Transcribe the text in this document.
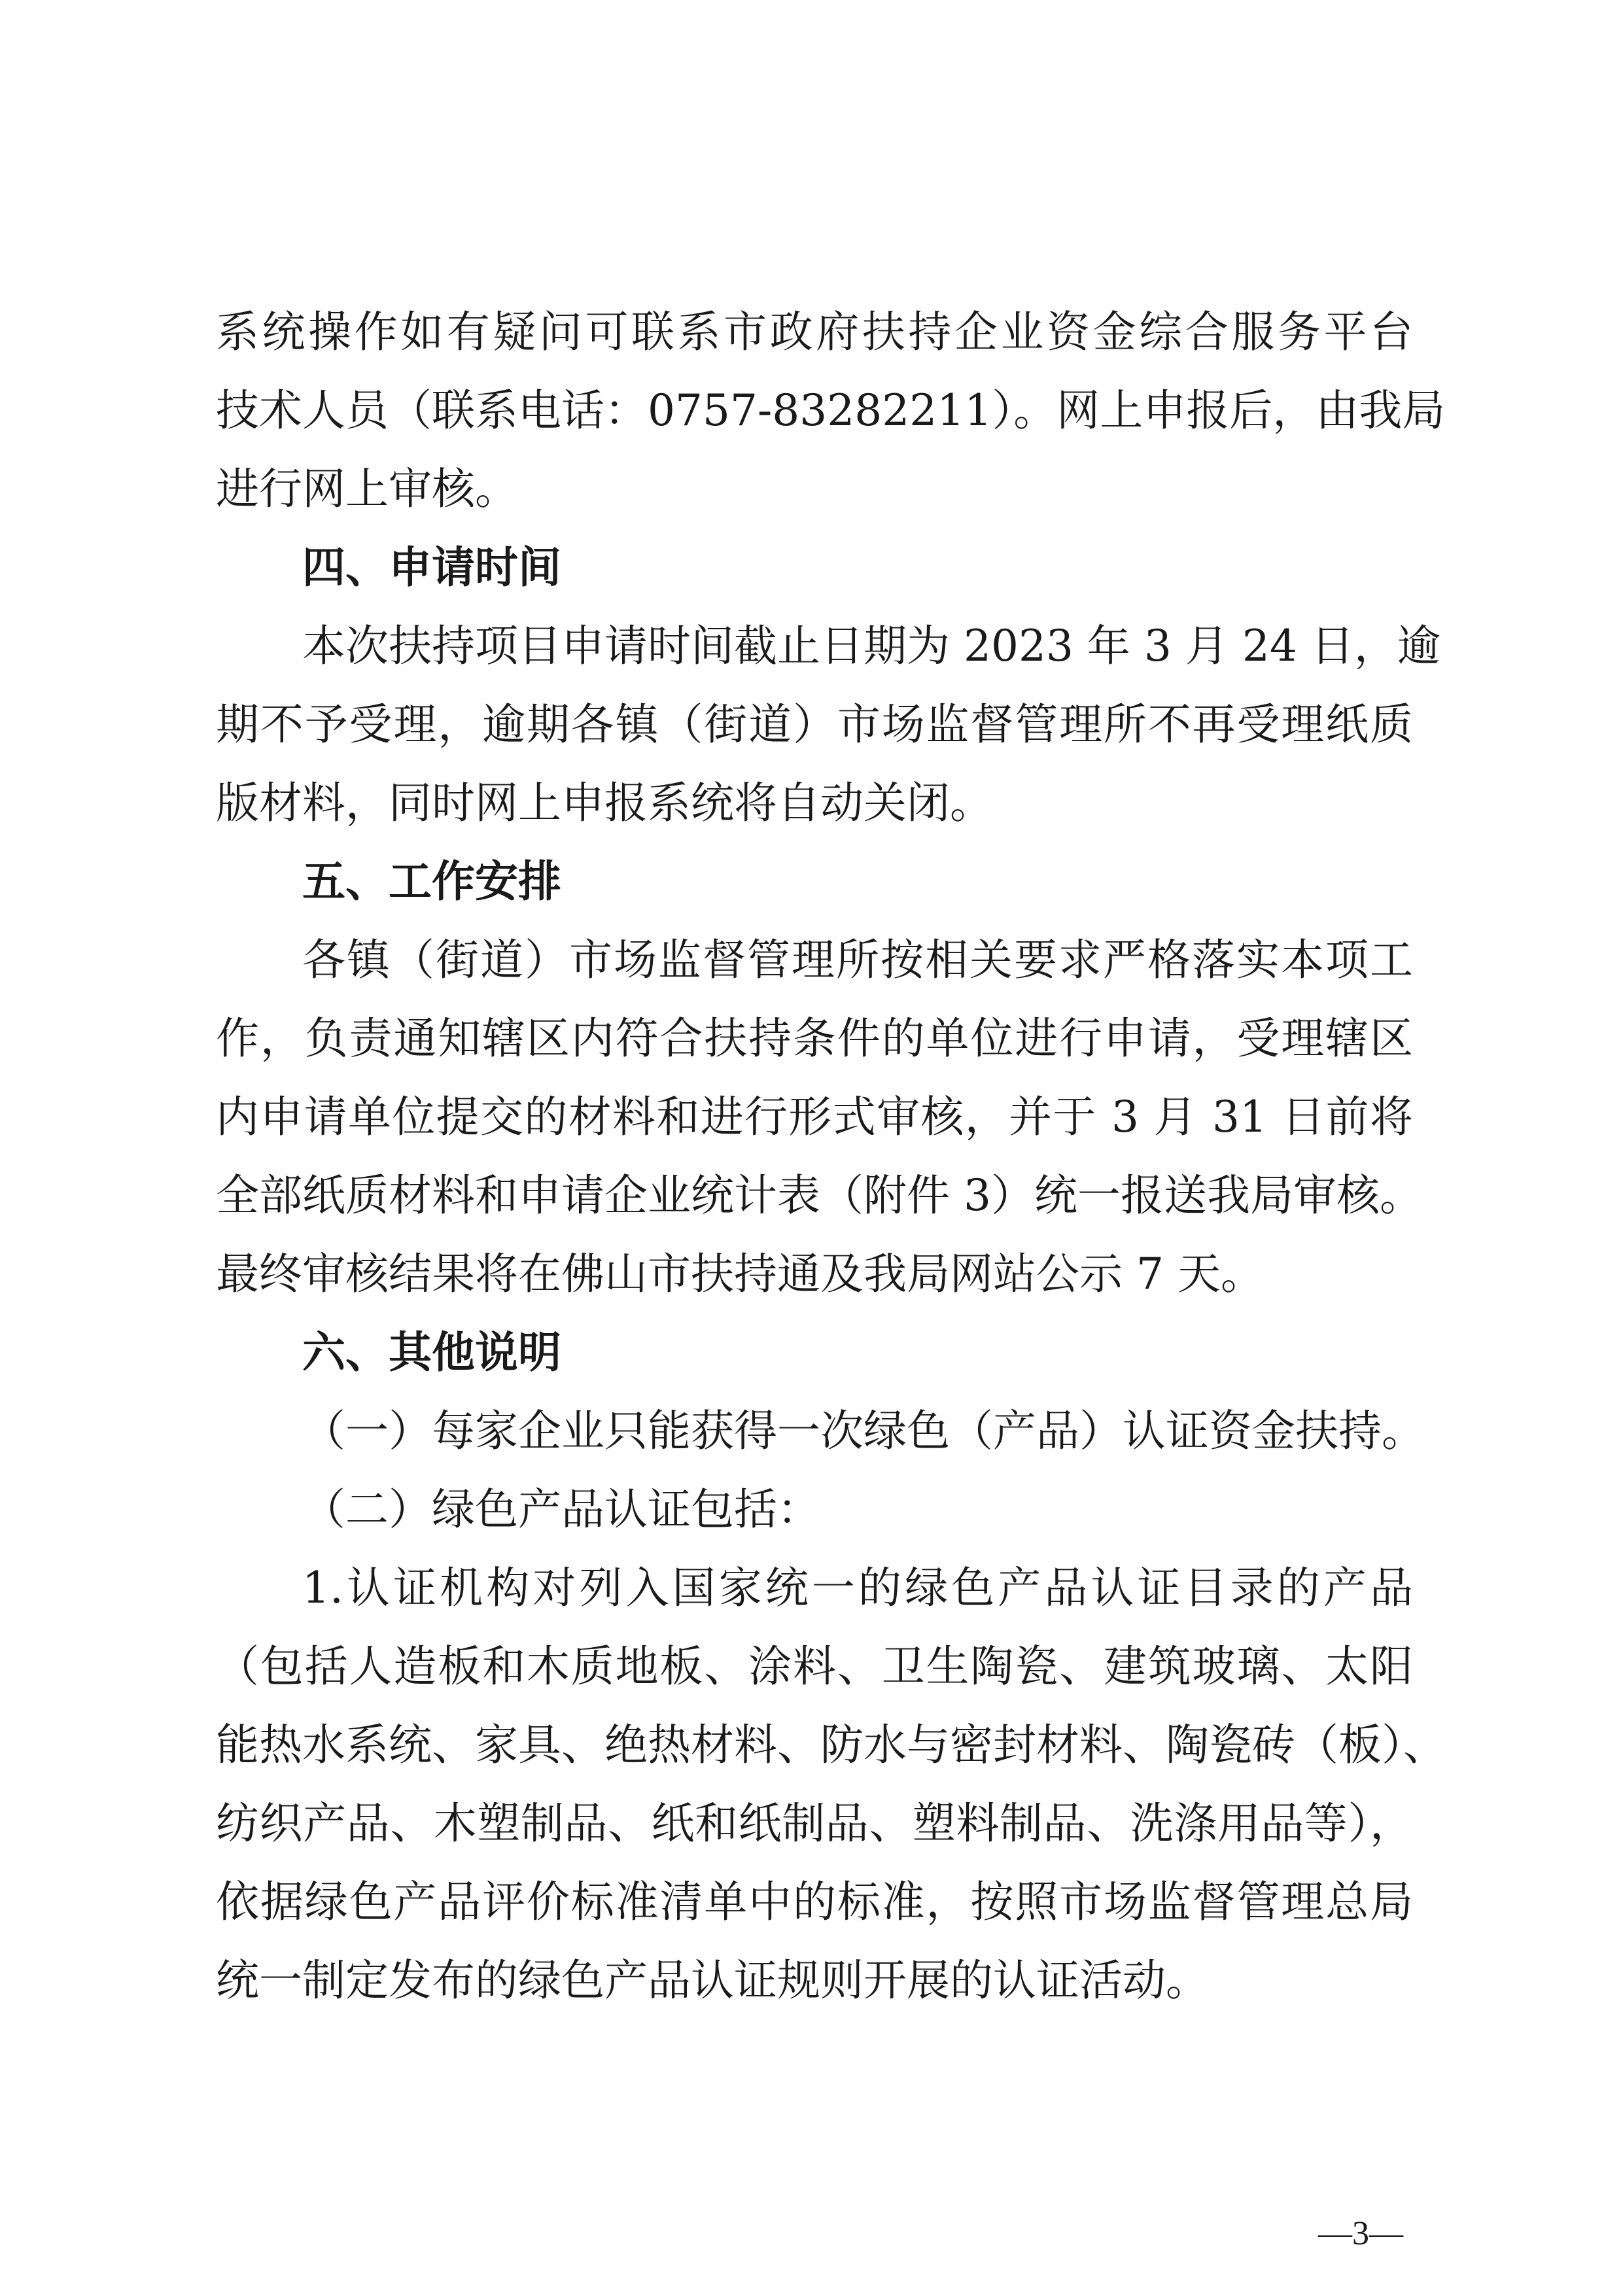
系统操作如有疑问可联系市政府扶持企业资金综合服务平台
技术人员（联系电话：0757-83282211）。网上申报后，由我局
进行网上审核。
四、申请时间
本次扶持项目申请时间截止日期为 2023 年 3 月 24 日，逾
期不予受理，逾期各镇（街道）市场监督管理所不再受理纸质
版材料，同时网上申报系统将自动关闭。
五、工作安排
各镇（街道）市场监督管理所按相关要求严格落实本项工
作，负责通知辖区内符合扶持条件的单位进行申请，受理辖区
内申请单位提交的材料和进行形式审核，并于 3 月 31 日前将
全部纸质材料和申请企业统计表（附件 3）统一报送我局审核。
最终审核结果将在佛山市扶持通及我局网站公示 7 天。
六、其他说明
（一）每家企业只能获得一次绿色（产品）认证资金扶持。
（二）绿色产品认证包括：
1.认证机构对列入国家统一的绿色产品认证目录的产品
（包括人造板和木质地板、涂料、卫生陶瓷、建筑玻璃、太阳
能热水系统、家具、绝热材料、防水与密封材料、陶瓷砖（板）、
纺织产品、木塑制品、纸和纸制品、塑料制品、洗涤用品等），
依据绿色产品评价标准清单中的标准，按照市场监督管理总局
统一制定发布的绿色产品认证规则开展的认证活动。
—3—
